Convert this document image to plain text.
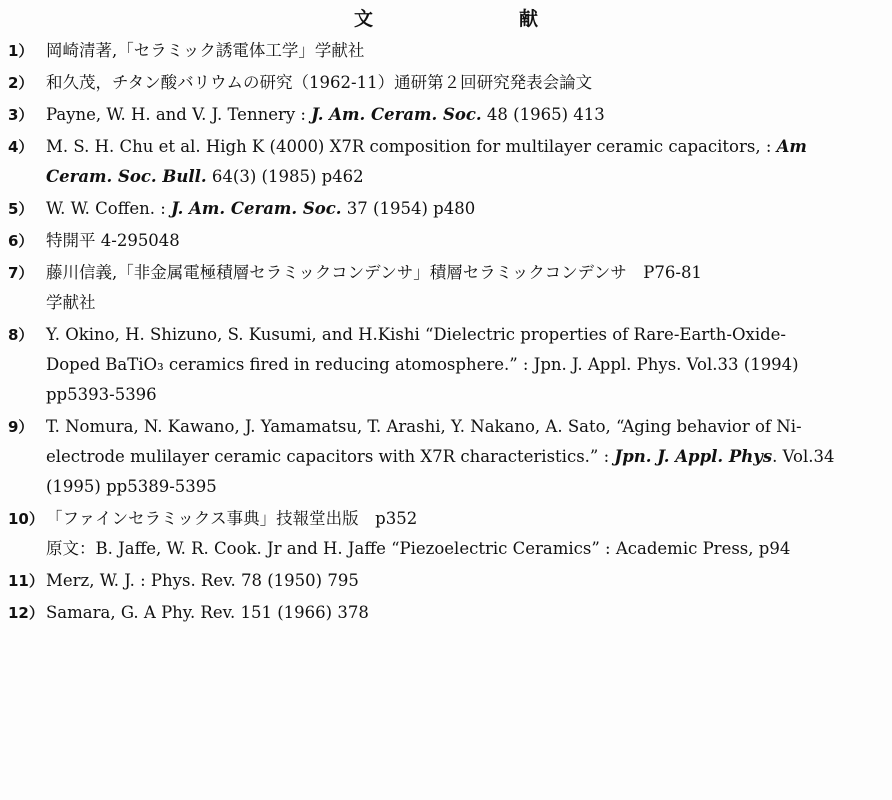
文　　献
1） 岡崎清著,「セラミック誘電体工学」学献社
2） 和久茂，チタン酸バリウムの研究（1962-11）通研第２回研究発表会論文
3） Payne, W. H. and V. J. Tennery : J. Am. Ceram. Soc. 48 (1965) 413
4） M. S. H. Chu et al. High K (4000) X7R composition for multilayer ceramic capacitors, : Am
Ceram. Soc. Bull. 64(3) (1985) p462
5） W. W. Coffen. : J. Am. Ceram. Soc. 37 (1954) p480
6） 特開平 4-295048
7） 藤川信義,「非金属電極積層セラミックコンデンサ」積層セラミックコンデンサ　P76-81
学献社
8） Y. Okino, H. Shizuno, S. Kusumi, and H.Kishi “Dielectric properties of Rare-Earth-Oxide-
Doped BaTiO₃ ceramics fired in reducing atomosphere.” : Jpn. J. Appl. Phys. Vol.33 (1994)
pp5393-5396
9） T. Nomura, N. Kawano, J. Yamamatsu, T. Arashi, Y. Nakano, A. Sato, “Aging behavior of Ni-
electrode mulilayer ceramic capacitors with X7R characteristics.” : Jpn. J. Appl. Phys. Vol.34
(1995) pp5389-5395
10） 「ファインセラミックス事典」技報堂出版　p352
原文：B. Jaffe, W. R. Cook. Jr and H. Jaffe “Piezoelectric Ceramics” : Academic Press, p94
11） Merz, W. J. : Phys. Rev. 78 (1950) 795
12） Samara, G. A Phy. Rev. 151 (1966) 378
